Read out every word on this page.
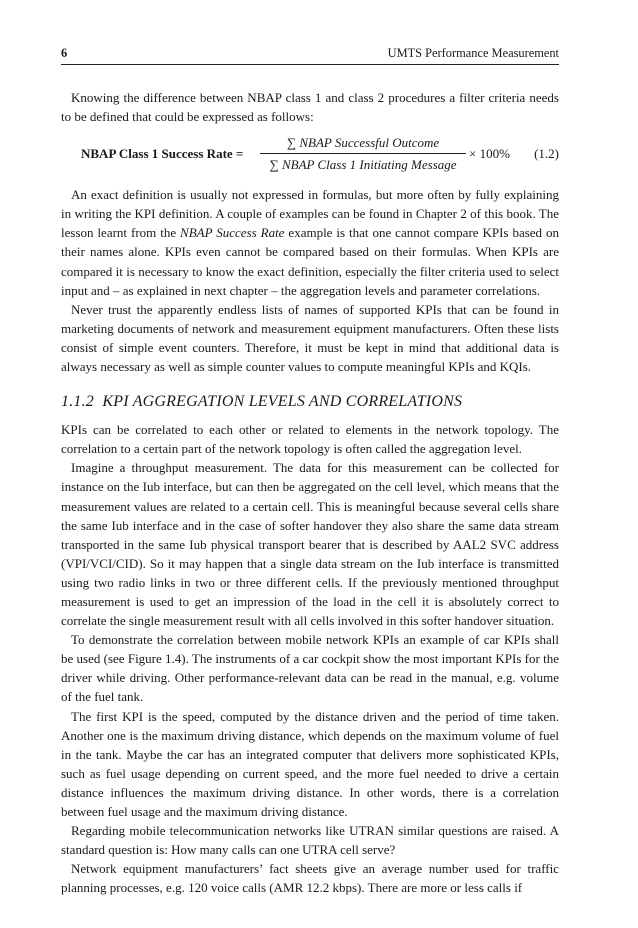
6	UMTS Performance Measurement

Knowing the difference between NBAP class 1 and class 2 procedures a filter criteria needs to be defined that could be expressed as follows:

NBAP Class 1 Success Rate =
∑ NBAP Successful Outcome
∑ NBAP Class 1 Initiating Message
× 100% (1.2)

An exact definition is usually not expressed in formulas, but more often by fully explaining in writing the KPI definition. A couple of examples can be found in Chapter 2 of this book. The lesson learnt from the NBAP Success Rate example is that one cannot compare KPIs based on their names alone. KPIs even cannot be compared based on their formulas. When KPIs are compared it is necessary to know the exact definition, especially the filter criteria used to select input and – as explained in next chapter – the aggregation levels and parameter correlations.

Never trust the apparently endless lists of names of supported KPIs that can be found in marketing documents of network and measurement equipment manufacturers. Often these lists consist of simple event counters. Therefore, it must be kept in mind that additional data is always necessary as well as simple counter values to compute meaningful KPIs and KQIs.

1.1.2 KPI AGGREGATION LEVELS AND CORRELATIONS

KPIs can be correlated to each other or related to elements in the network topology. The correlation to a certain part of the network topology is often called the aggregation level.

Imagine a throughput measurement. The data for this measurement can be collected for instance on the Iub interface, but can then be aggregated on the cell level, which means that the measurement values are related to a certain cell. This is meaningful because several cells share the same Iub interface and in the case of softer handover they also share the same data stream transported in the same Iub physical transport bearer that is described by AAL2 SVC address (VPI/VCI/CID). So it may happen that a single data stream on the Iub interface is transmitted using two radio links in two or three different cells. If the previously mentioned throughput measurement is used to get an impression of the load in the cell it is absolutely correct to correlate the single measurement result with all cells involved in this softer handover situation.

To demonstrate the correlation between mobile network KPIs an example of car KPIs shall be used (see Figure 1.4). The instruments of a car cockpit show the most important KPIs for the driver while driving. Other performance-relevant data can be read in the manual, e.g. volume of the fuel tank.

The first KPI is the speed, computed by the distance driven and the period of time taken. Another one is the maximum driving distance, which depends on the maximum volume of fuel in the tank. Maybe the car has an integrated computer that delivers more sophisticated KPIs, such as fuel usage depending on current speed, and the more fuel needed to drive a certain distance influences the maximum driving distance. In other words, there is a correlation between fuel usage and the maximum driving distance.

Regarding mobile telecommunication networks like UTRAN similar questions are raised. A standard question is: How many calls can one UTRA cell serve?

Network equipment manufacturers’ fact sheets give an average number used for traffic planning processes, e.g. 120 voice calls (AMR 12.2 kbps). There are more or less calls if
